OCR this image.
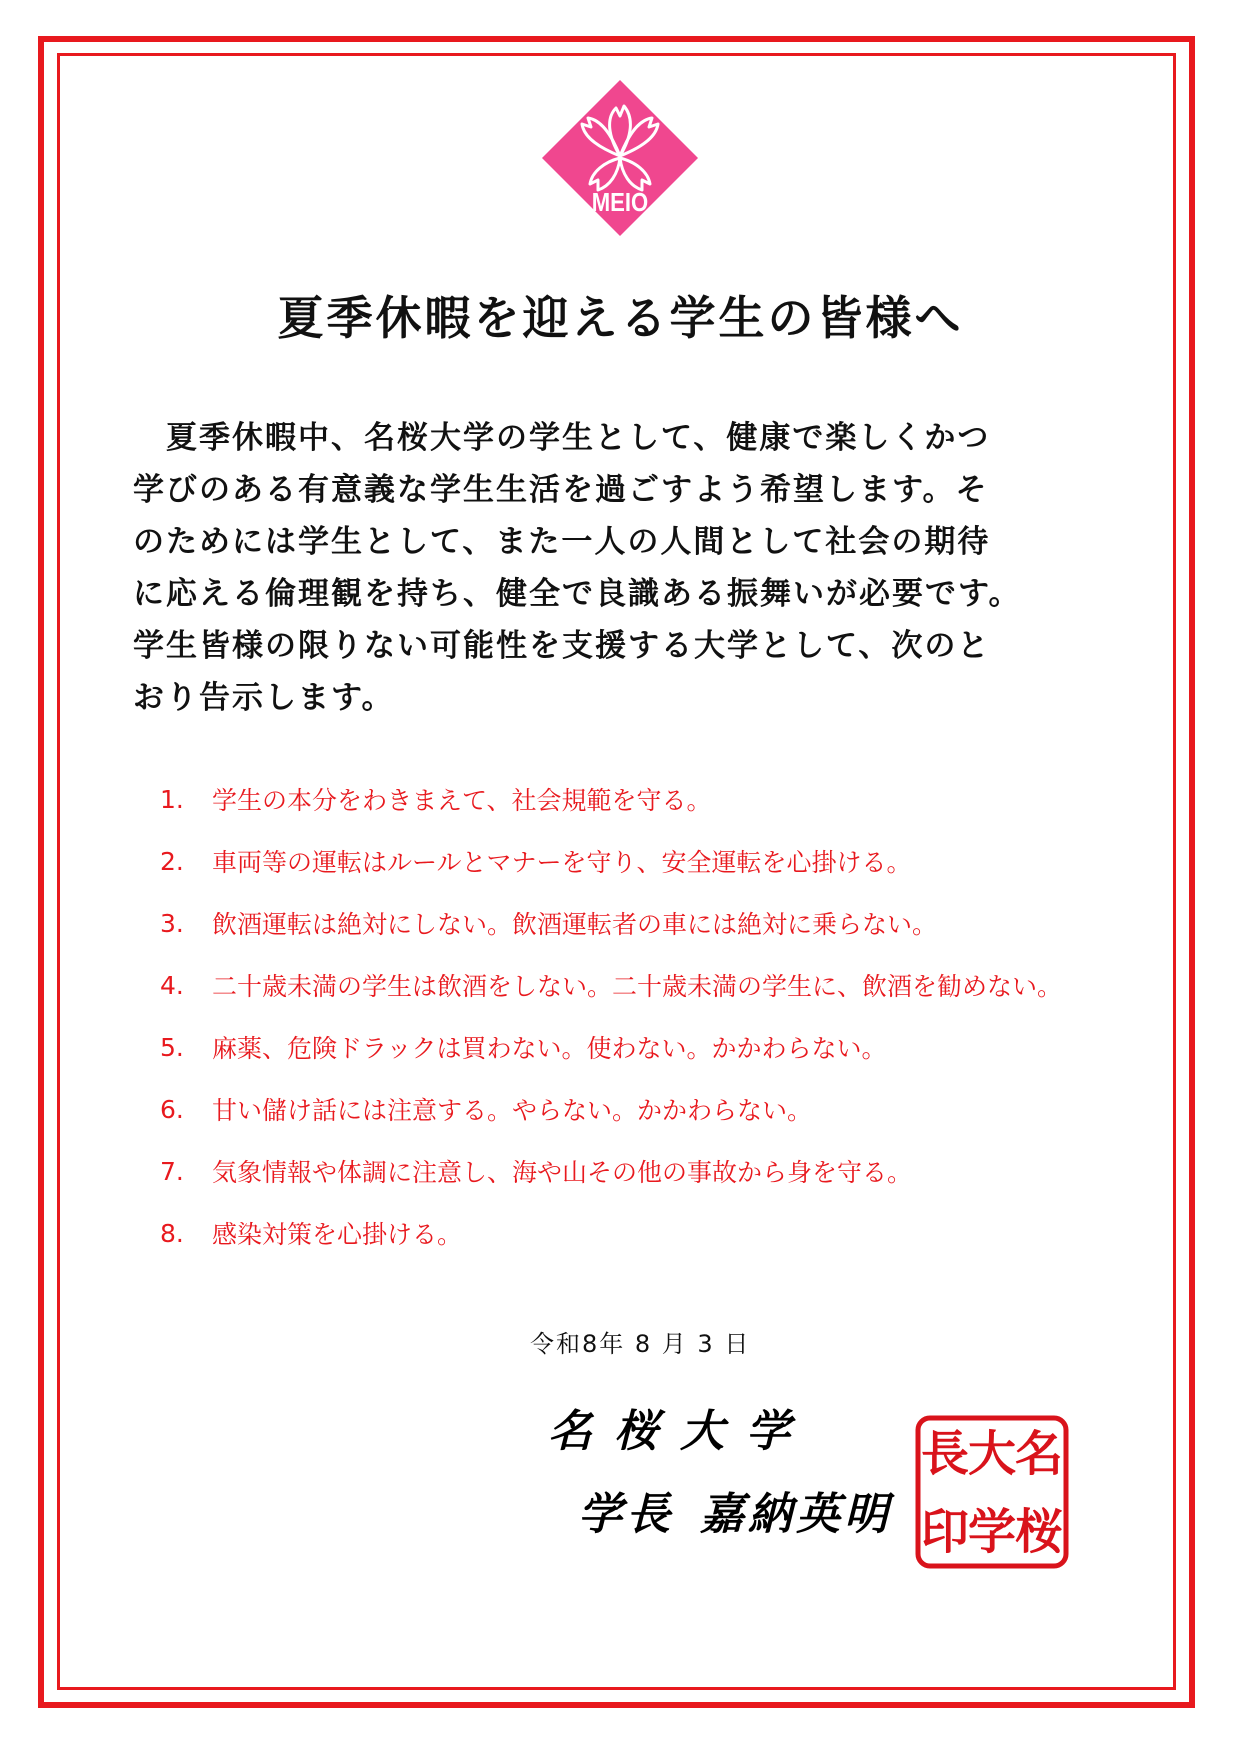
MEIO
夏季休暇を迎える学生の皆様へ
　夏季休暇中、名桜大学の学生として、健康で楽しくかつ
学びのある有意義な学生生活を過ごすよう希望します。そ
のためには学生として、また一人の人間として社会の期待
に応える倫理観を持ち、健全で良識ある振舞いが必要です。
学生皆様の限りない可能性を支援する大学として、次のと
おり告示します。
1.	学生の本分をわきまえて、社会規範を守る。
2.	車両等の運転はルールとマナーを守り、安全運転を心掛ける。
3.	飲酒運転は絶対にしない。飲酒運転者の車には絶対に乗らない。
4.	二十歳未満の学生は飲酒をしない。二十歳未満の学生に、飲酒を勧めない。
5.	麻薬、危険ドラックは買わない。使わない。かかわらない。
6.	甘い儲け話には注意する。やらない。かかわらない。
7.	気象情報や体調に注意し、海や山その他の事故から身を守る。
8.	感染対策を心掛ける。
令和8年 8 月 3 日
名桜大学
学長 嘉納英明
名
桜
大
学
長
印
